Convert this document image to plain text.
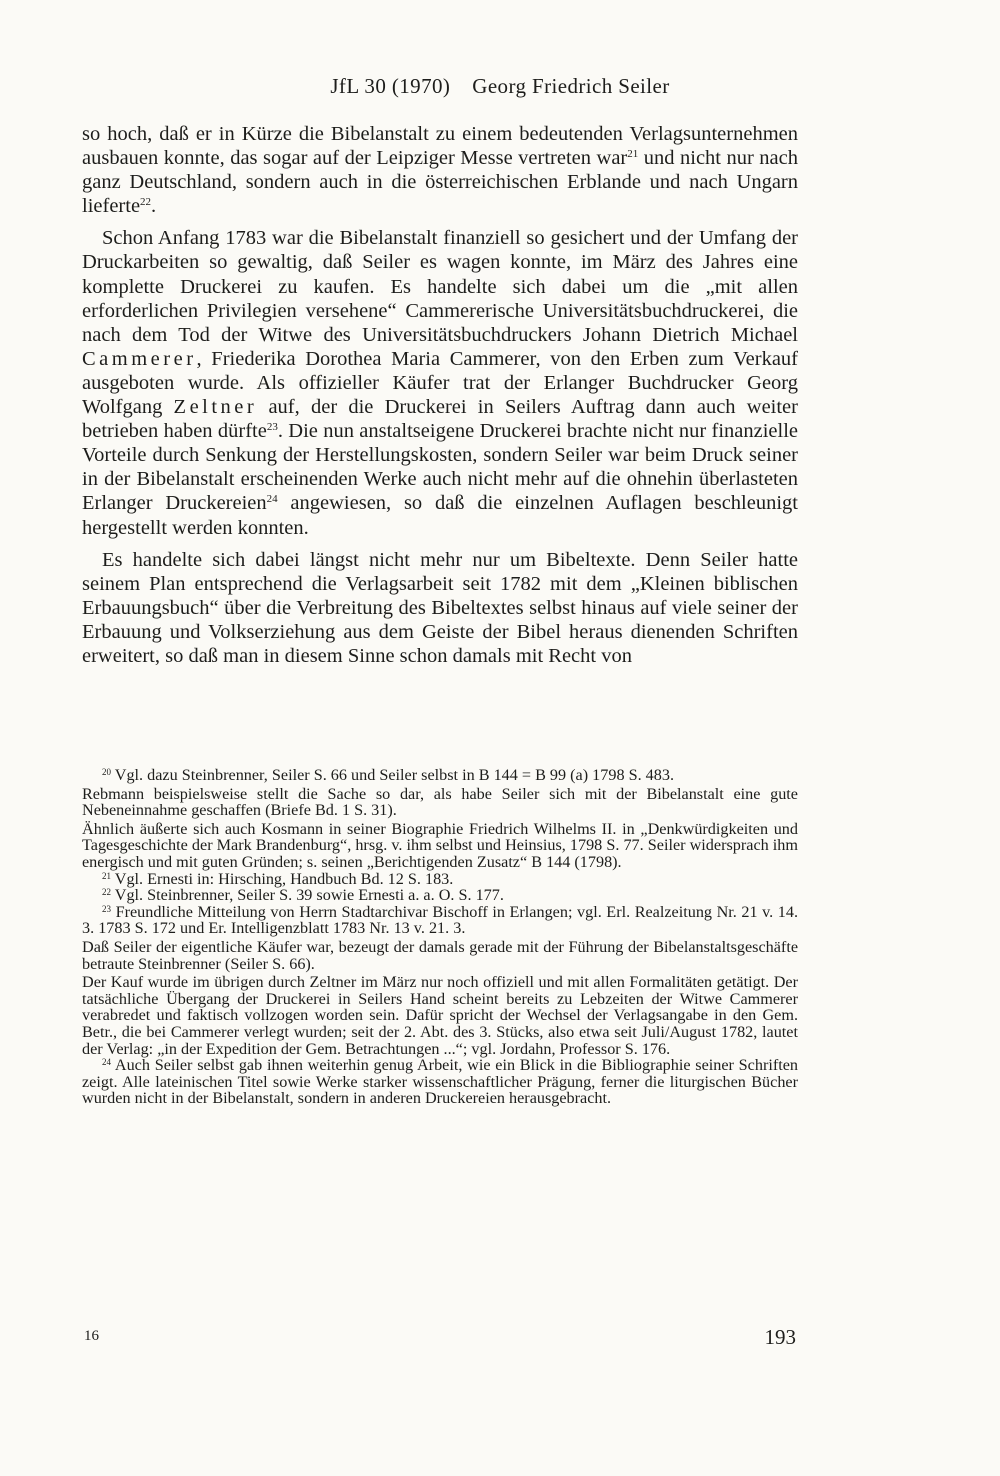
JfL 30 (1970) Georg Friedrich Seiler

so hoch, daß er in Kürze die Bibelanstalt zu einem bedeutenden Verlagsunternehmen ausbauen konnte, das sogar auf der Leipziger Messe vertreten war$^{21}$ und nicht nur nach ganz Deutschland, sondern auch in die österreichischen Erblande und nach Ungarn lieferte$^{22}$.

Schon Anfang 1783 war die Bibelanstalt finanziell so gesichert und der Umfang der Druckarbeiten so gewaltig, daß Seiler es wagen konnte, im März des Jahres eine komplette Druckerei zu kaufen. Es handelte sich dabei um die „mit allen erforderlichen Privilegien versehene“ Cammererische Universitätsbuchdruckerei, die nach dem Tod der Witwe des Universitätsbuchdruckers Johann Dietrich Michael Cammerer, Friederika Dorothea Maria Cammerer, von den Erben zum Verkauf ausgeboten wurde. Als offizieller Käufer trat der Erlanger Buchdrucker Georg Wolfgang Zeltner auf, der die Druckerei in Seilers Auftrag dann auch weiter betrieben haben dürfte$^{23}$. Die nun anstaltseigene Druckerei brachte nicht nur finanzielle Vorteile durch Senkung der Herstellungskosten, sondern Seiler war beim Druck seiner in der Bibelanstalt erscheinenden Werke auch nicht mehr auf die ohnehin überlasteten Erlanger Druckereien$^{24}$ angewiesen, so daß die einzelnen Auflagen beschleunigt hergestellt werden konnten.

Es handelte sich dabei längst nicht mehr nur um Bibeltexte. Denn Seiler hatte seinem Plan entsprechend die Verlagsarbeit seit 1782 mit dem „Kleinen biblischen Erbauungsbuch“ über die Verbreitung des Bibeltextes selbst hinaus auf viele seiner der Erbauung und Volkserziehung aus dem Geiste der Bibel heraus dienenden Schriften erweitert, so daß man in diesem Sinne schon damals mit Recht von

$^{20}$ Vgl. dazu Steinbrenner, Seiler S. 66 und Seiler selbst in B 144 = B 99 (a) 1798 S. 483.

Rebmann beispielsweise stellt die Sache so dar, als habe Seiler sich mit der Bibelanstalt eine gute Nebeneinnahme geschaffen (Briefe Bd. 1 S. 31).

Ähnlich äußerte sich auch Kosmann in seiner Biographie Friedrich Wilhelms II. in „Denkwürdigkeiten und Tagesgeschichte der Mark Brandenburg“, hrsg. v. ihm selbst und Heinsius, 1798 S. 77. Seiler widersprach ihm energisch und mit guten Gründen; s. seinen „Berichtigenden Zusatz“ B 144 (1798).

$^{21}$ Vgl. Ernesti in: Hirsching, Handbuch Bd. 12 S. 183.

$^{22}$ Vgl. Steinbrenner, Seiler S. 39 sowie Ernesti a. a. O. S. 177.

$^{23}$ Freundliche Mitteilung von Herrn Stadtarchivar Bischoff in Erlangen; vgl. Erl. Realzeitung Nr. 21 v. 14. 3. 1783 S. 172 und Er. Intelligenzblatt 1783 Nr. 13 v. 21. 3.

Daß Seiler der eigentliche Käufer war, bezeugt der damals gerade mit der Führung der Bibelanstaltsgeschäfte betraute Steinbrenner (Seiler S. 66).

Der Kauf wurde im übrigen durch Zeltner im März nur noch offiziell und mit allen Formalitäten getätigt. Der tatsächliche Übergang der Druckerei in Seilers Hand scheint bereits zu Lebzeiten der Witwe Cammerer verabredet und faktisch vollzogen worden sein. Dafür spricht der Wechsel der Verlagsangabe in den Gem. Betr., die bei Cammerer verlegt wurden; seit der 2. Abt. des 3. Stücks, also etwa seit Juli/August 1782, lautet der Verlag: „in der Expedition der Gem. Betrachtungen ...“; vgl. Jordahn, Professor S. 176.

$^{24}$ Auch Seiler selbst gab ihnen weiterhin genug Arbeit, wie ein Blick in die Bibliographie seiner Schriften zeigt. Alle lateinischen Titel sowie Werke starker wissenschaftlicher Prägung, ferner die liturgischen Bücher wurden nicht in der Bibelanstalt, sondern in anderen Druckereien herausgebracht.

16	193
